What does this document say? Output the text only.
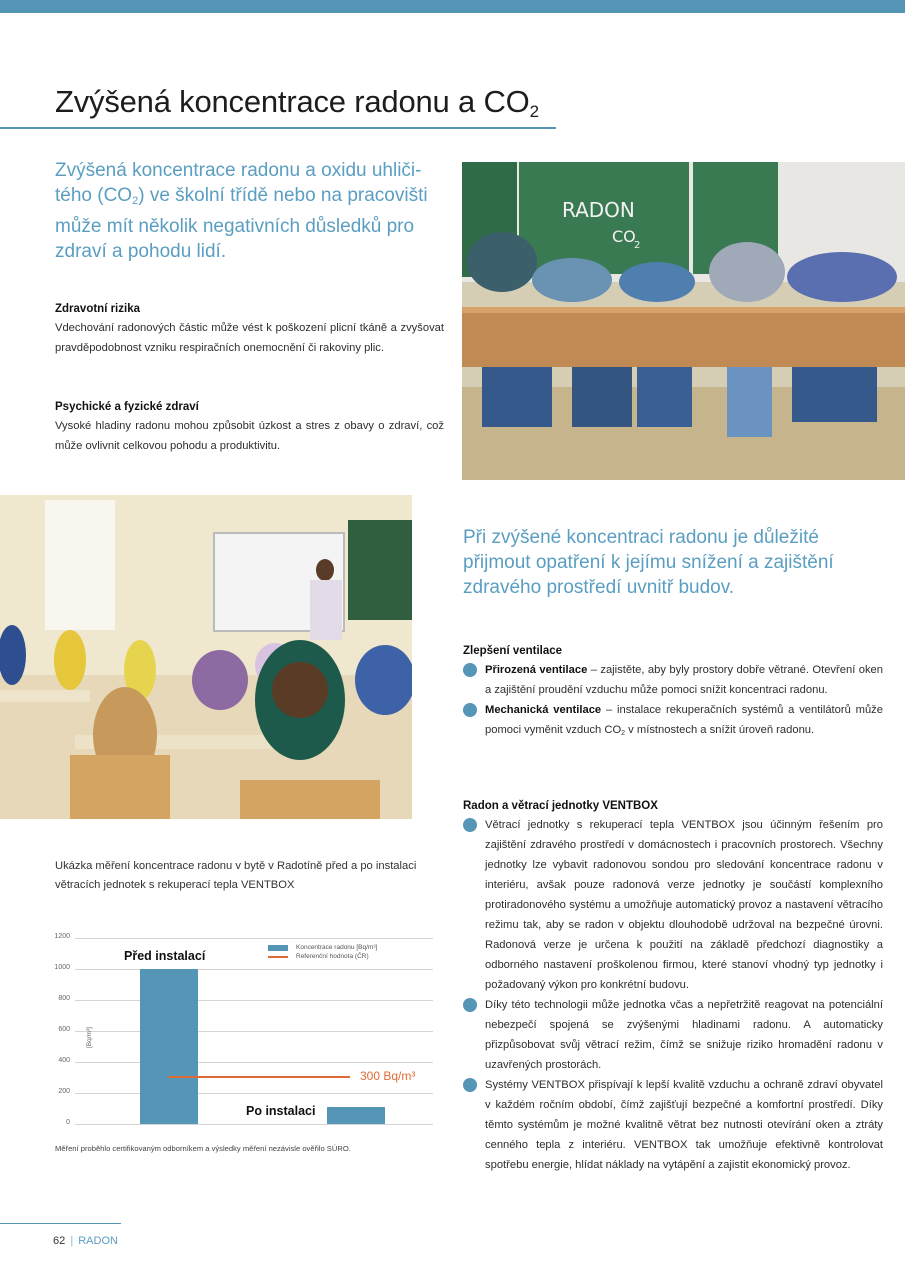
Zvýšená koncentrace radonu a $CO_2$

Zvýšená koncentrace radonu a oxidu uhliči-téhо $(CO_2)$ ve školní třídě nebo na pracovišti může mít několik negativních důsledků pro zdraví a pohodu lidí.

Zdravotní rizika

Vdechování radonových částic může vést k poškození plicní tkáně a zvyšovat pravděpodobnost vzniku respiračních onemocnění či rakoviny plic.

Psychické a fyzické zdraví

Vysoké hladiny radonu mohou způsobit úzkost a stres z obavy o zdraví, což může ovlivnit celkovou pohodu a produktivitu.

RADON
CO
2

Při zvýšené koncentraci radonu je důležité přijmout opatření k jejímu snížení a zajištění zdravého prostředí uvnitř budov.

Zlepšení ventilace
Přirozená ventilace – zajistěte, aby byly prostory dobře větrané. Otevření oken a zajištění proudění vzduchu může pomoci snížit koncentraci radonu.
Mechanická ventilace – instalace rekuperačních systémů a ventilátorů může pomoci vyměnit vzduch $CO_2$ v místnostech a snížit úroveň radonu.
Radon a větrací jednotky VENTBOX
Větrací jednotky s rekuperací tepla VENTBOX jsou účinným řešením pro zajištění zdravého prostředí v domácnostech i pracovních prostorech. Všechny jednotky lze vybavit radonovou sondou pro sledování koncentrace radonu v interiéru, avšak pouze radonová verze jednotky je součástí komplexního protiradonového systému a umožňuje automatický provoz a nastavení větracího režimu tak, aby se radon v objektu dlouhodobě udržoval na bezpečné úrovni. Radonová verze je určena k použití na základě předchozí diagnostiky a odborného nastavení proškolenou firmou, které stanoví vhodný typ jednotky i požadovaný výkon pro konkrétní budovu.
Díky této technologii může jednotka včas a nepřetržitě reagovat na potenciální nebezpečí spojená se zvýšenými hladinami radonu. A automaticky přizpůsobovat svůj větrací režim, čímž se snižuje riziko hromadění radonu v uzavřených prostorách.
Systémy VENTBOX přispívají k lepší kvalitě vzduchu a ochraně zdraví obyvatel v každém ročním období, čímž zajišťují bezpečné a komfortní prostředí. Díky těmto systémům je možné kvalitně větrat bez nutnosti otevírání oken a ztráty cenného tepla z interiéru. VENTBOX tak umožňuje efektivně kontrolovat spotřebu energie, hlídat náklady na vytápění a zajistit ekonomický provoz.

Ukázka měření koncentrace radonu v bytě v Radotíně před a po instalaci větracích jednotek s rekuperací tepla VENTBOX

1200
1000
800
600
400
200
0
[Bq/m³]
Před instalací
Po instalaci
300 Bq/m³
Koncentrace radonu [Bq/m³]
Referenční hodnota (ČR)

Měření proběhlo certifikovaným odborníkem a výsledky měření nezávisle ověřilo SÚRO.

62 | RADON
